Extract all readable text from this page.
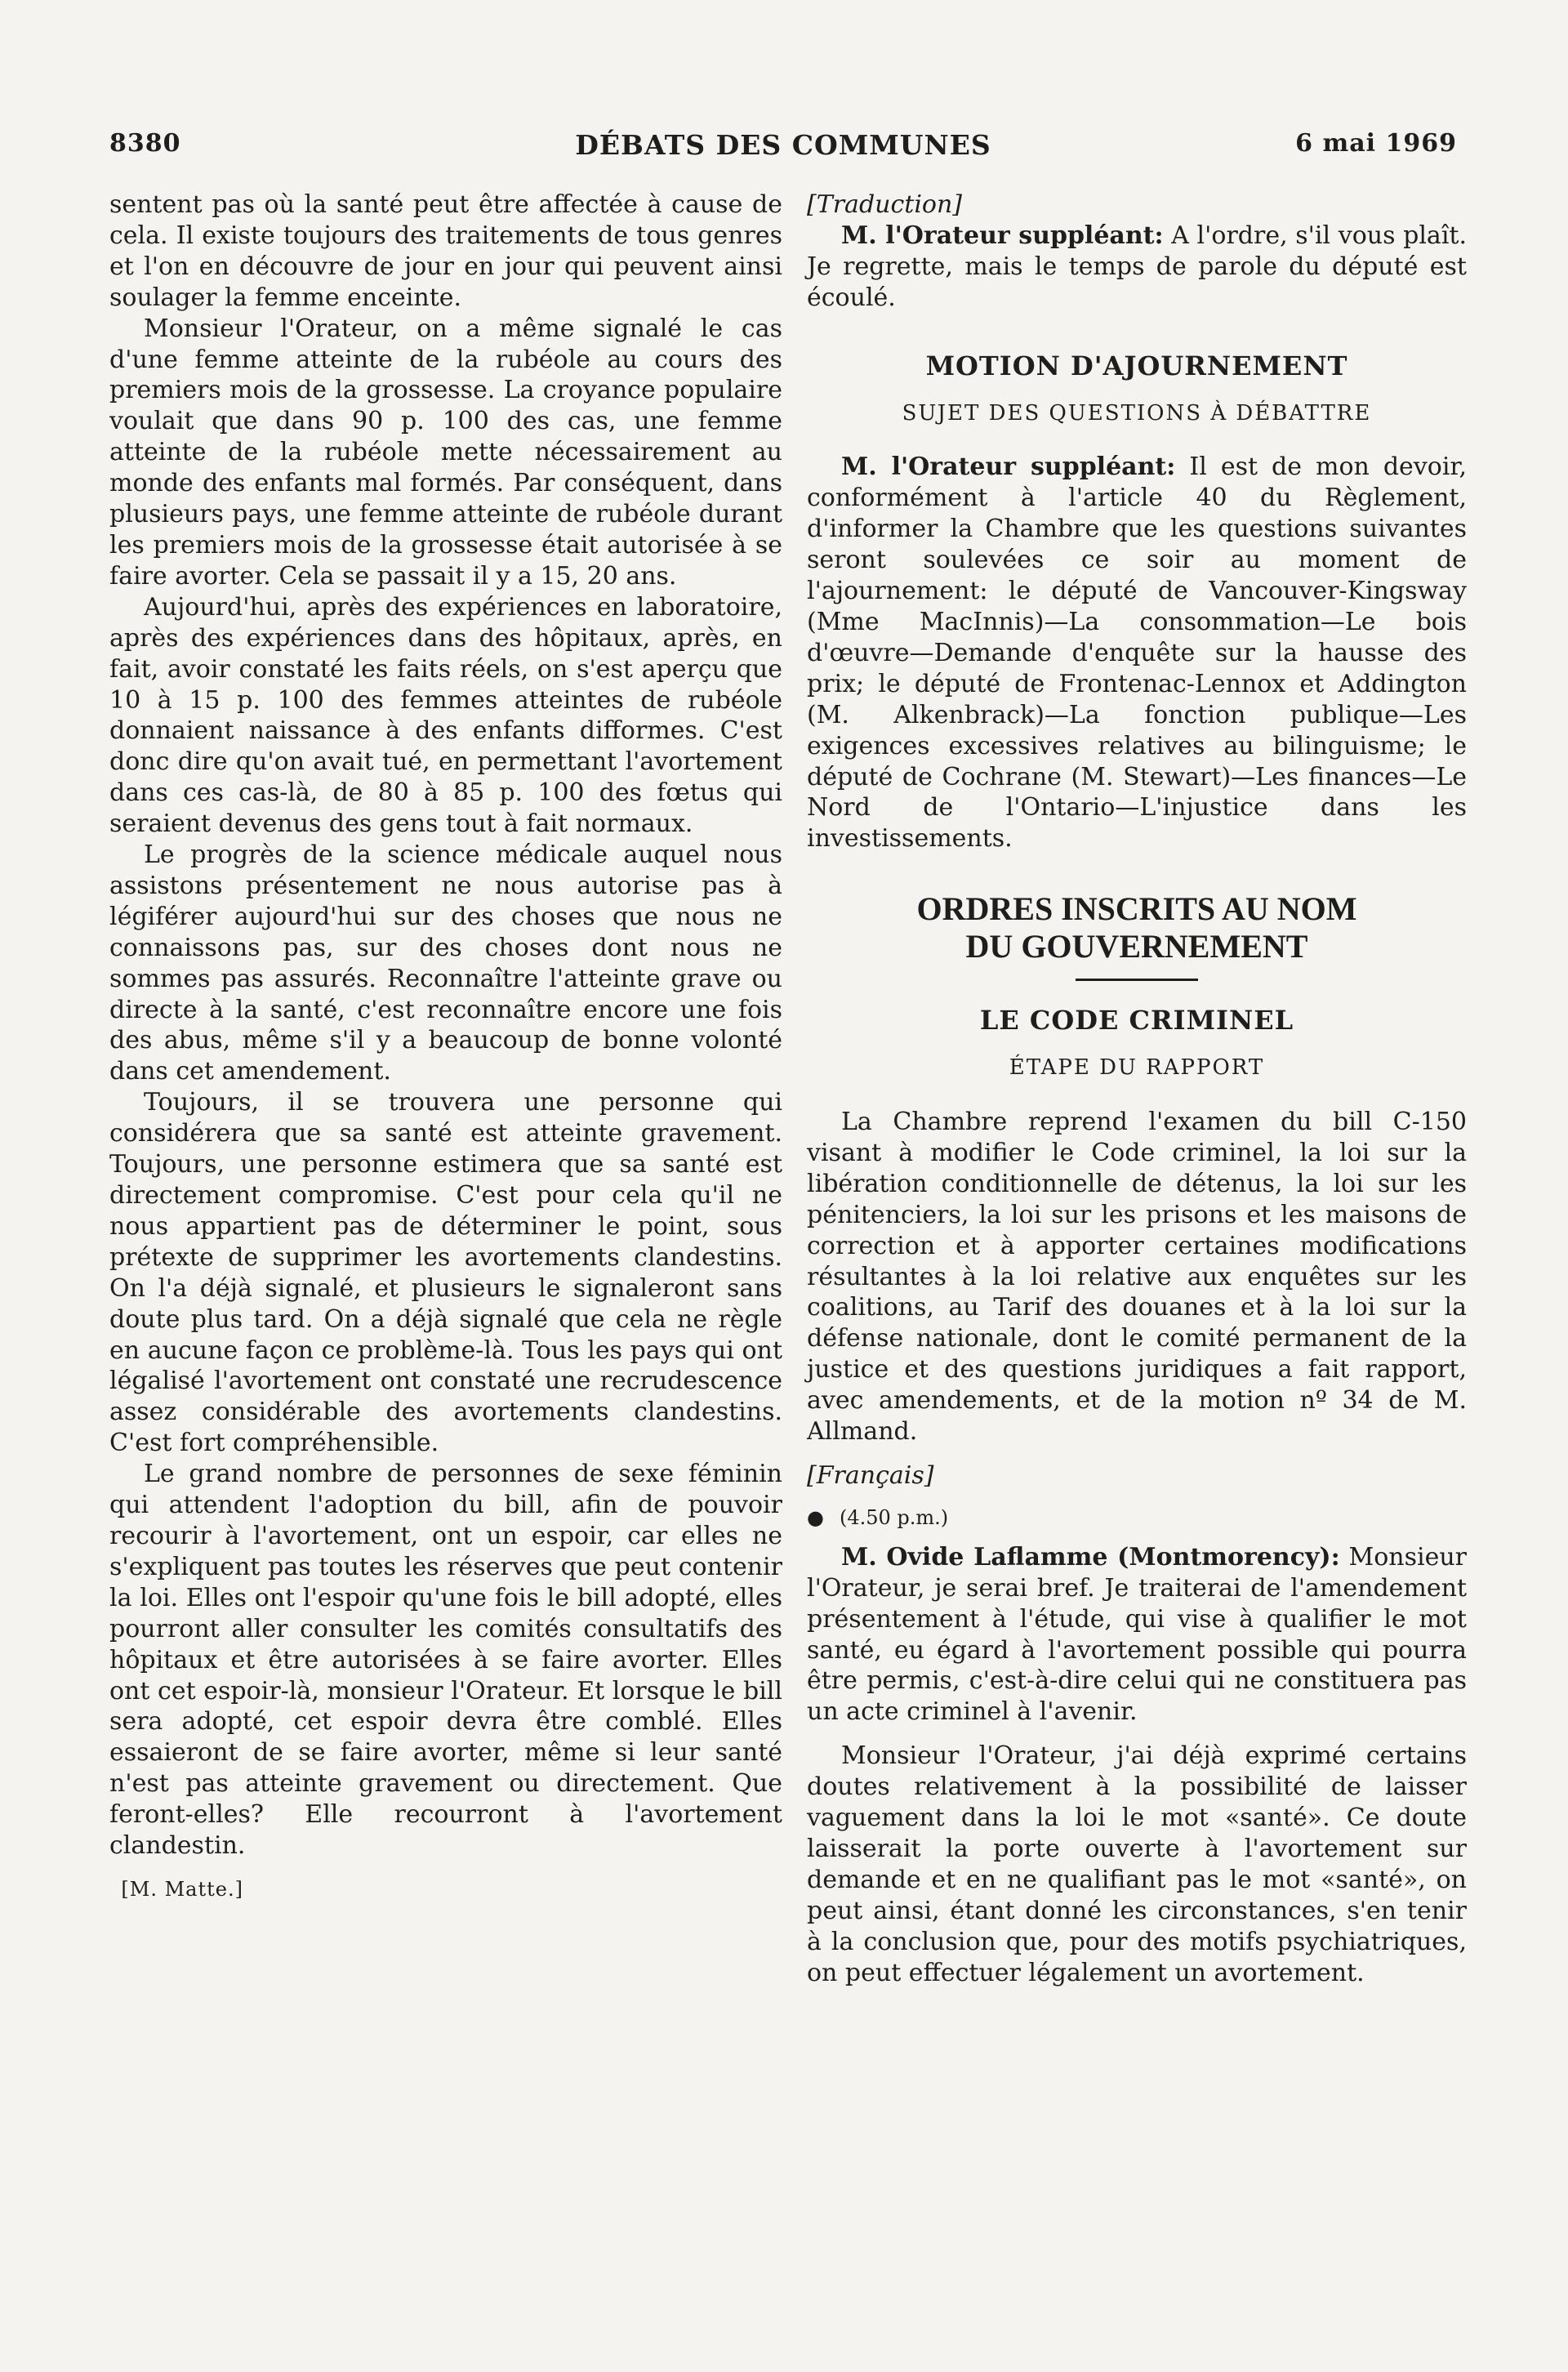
8380	DÉBATS DES COMMUNES	6 mai 1969

sentent pas où la santé peut être affectée à cause de cela. Il existe toujours des traitements de tous genres et l'on en découvre de jour en jour qui peuvent ainsi soulager la femme enceinte.

Monsieur l'Orateur, on a même signalé le cas d'une femme atteinte de la rubéole au cours des premiers mois de la grossesse. La croyance populaire voulait que dans 90 p. 100 des cas, une femme atteinte de la rubéole mette nécessairement au monde des enfants mal formés. Par conséquent, dans plusieurs pays, une femme atteinte de rubéole durant les premiers mois de la grossesse était autorisée à se faire avorter. Cela se passait il y a 15, 20 ans.

Aujourd'hui, après des expériences en laboratoire, après des expériences dans des hôpitaux, après, en fait, avoir constaté les faits réels, on s'est aperçu que 10 à 15 p. 100 des femmes atteintes de rubéole donnaient naissance à des enfants difformes. C'est donc dire qu'on avait tué, en permettant l'avortement dans ces cas-là, de 80 à 85 p. 100 des fœtus qui seraient devenus des gens tout à fait normaux.

Le progrès de la science médicale auquel nous assistons présentement ne nous autorise pas à légiférer aujourd'hui sur des choses que nous ne connaissons pas, sur des choses dont nous ne sommes pas assurés. Reconnaître l'atteinte grave ou directe à la santé, c'est reconnaître encore une fois des abus, même s'il y a beaucoup de bonne volonté dans cet amendement.

Toujours, il se trouvera une personne qui considérera que sa santé est atteinte gravement. Toujours, une personne estimera que sa santé est directement compromise. C'est pour cela qu'il ne nous appartient pas de déterminer le point, sous prétexte de supprimer les avortements clandestins. On l'a déjà signalé, et plusieurs le signaleront sans doute plus tard. On a déjà signalé que cela ne règle en aucune façon ce problème-là. Tous les pays qui ont légalisé l'avortement ont constaté une recrudescence assez considérable des avortements clandestins. C'est fort compréhensible.

Le grand nombre de personnes de sexe féminin qui attendent l'adoption du bill, afin de pouvoir recourir à l'avortement, ont un espoir, car elles ne s'expliquent pas toutes les réserves que peut contenir la loi. Elles ont l'espoir qu'une fois le bill adopté, elles pourront aller consulter les comités consultatifs des hôpitaux et être autorisées à se faire avorter. Elles ont cet espoir-là, monsieur l'Orateur. Et lorsque le bill sera adopté, cet espoir devra être comblé. Elles essaieront de se faire avorter, même si leur santé n'est pas atteinte gravement ou directement. Que feront-elles? Elle recourront à l'avortement clandestin.

[M. Matte.]

[Traduction]

M. l'Orateur suppléant: A l'ordre, s'il vous plaît. Je regrette, mais le temps de parole du député est écoulé.

MOTION D'AJOURNEMENT
SUJET DES QUESTIONS À DÉBATTRE

M. l'Orateur suppléant: Il est de mon devoir, conformément à l'article 40 du Règlement, d'informer la Chambre que les questions suivantes seront soulevées ce soir au moment de l'ajournement: le député de Vancouver-Kingsway (Mme MacInnis)—La consommation—Le bois d'œuvre—Demande d'enquête sur la hausse des prix; le député de Frontenac-Lennox et Addington (M. Alkenbrack)—La fonction publique—Les exigences excessives relatives au bilinguisme; le député de Cochrane (M. Stewart)—Les finances—Le Nord de l'Ontario—L'injustice dans les investissements.

ORDRES INSCRITS AU NOM
DU GOUVERNEMENT
LE CODE CRIMINEL
ÉTAPE DU RAPPORT

La Chambre reprend l'examen du bill C-150 visant à modifier le Code criminel, la loi sur la libération conditionnelle de détenus, la loi sur les pénitenciers, la loi sur les prisons et les maisons de correction et à apporter certaines modifications résultantes à la loi relative aux enquêtes sur les coalitions, au Tarif des douanes et à la loi sur la défense nationale, dont le comité permanent de la justice et des questions juridiques a fait rapport, avec amendements, et de la motion nº 34 de M. Allmand.

[Français]

● (4.50 p.m.)

M. Ovide Laflamme (Montmorency): Monsieur l'Orateur, je serai bref. Je traiterai de l'amendement présentement à l'étude, qui vise à qualifier le mot santé, eu égard à l'avortement possible qui pourra être permis, c'est-à-dire celui qui ne constituera pas un acte criminel à l'avenir.

Monsieur l'Orateur, j'ai déjà exprimé certains doutes relativement à la possibilité de laisser vaguement dans la loi le mot «santé». Ce doute laisserait la porte ouverte à l'avortement sur demande et en ne qualifiant pas le mot «santé», on peut ainsi, étant donné les circonstances, s'en tenir à la conclusion que, pour des motifs psychiatriques, on peut effectuer légalement un avortement.
